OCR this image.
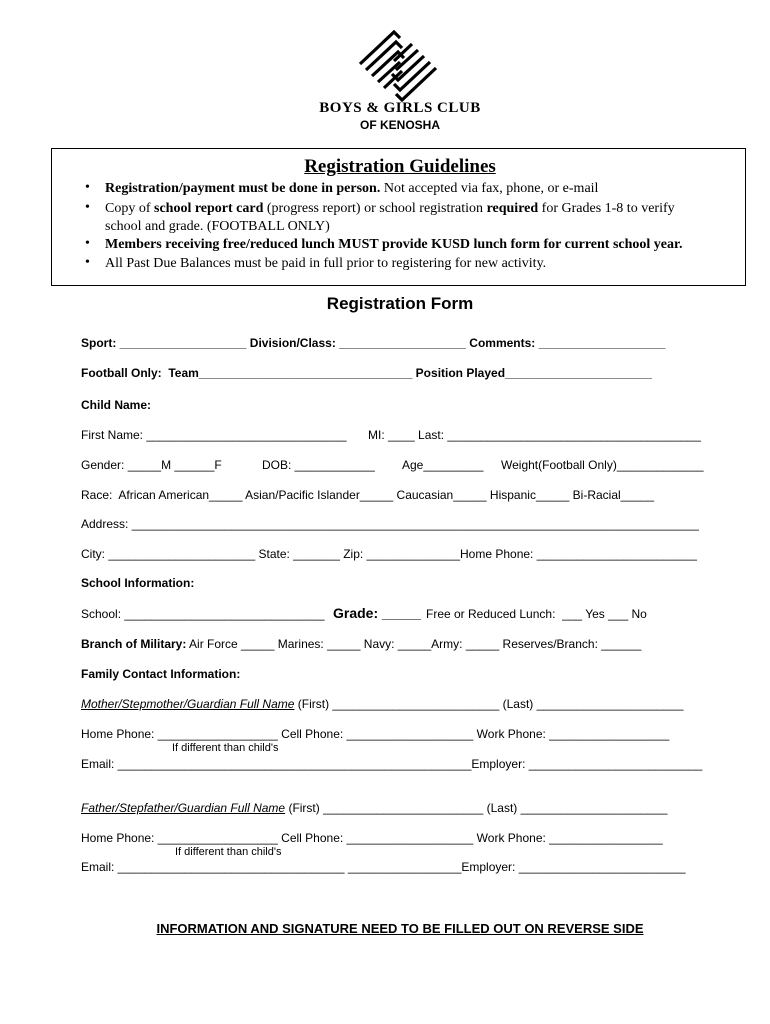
BOYS & GIRLS CLUB
OF KENOSHA
Registration Guidelines
• Registration/payment must be done in person. Not accepted via fax, phone, or e-mail
• Copy of school report card (progress report) or school registration required for Grades 1-8 to verify
school and grade. (FOOTBALL ONLY)
• Members receiving free/reduced lunch MUST provide KUSD lunch form for current school year.
• All Past Due Balances must be paid in full prior to registering for new activity.
Registration Form
Sport: ___________________ Division/Class: ___________________ Comments: ___________________
Football Only:  Team________________________________ Position Played______________________
Child Name:
First Name: ______________________________ MI: ____ Last: ______________________________________
Gender: _____M ______F	DOB: ____________ Age_________ Weight(Football Only)_____________
Race:  African American_____ Asian/Pacific Islander_____ Caucasian_____ Hispanic_____ Bi-Racial_____
Address: _____________________________________________________________________________________
City: ______________________ State: _______ Zip: ______________Home Phone: ________________________
School Information:
School: ______________________________ Grade: _____ Free or Reduced Lunch:  ___ Yes ___ No
Branch of Military: Air Force _____ Marines: _____ Navy: _____Army: _____ Reserves/Branch: ______
Family Contact Information:
Mother/Stepmother/Guardian Full Name (First) _________________________ (Last) ______________________
Home Phone: __________________ Cell Phone: ___________________ Work Phone: __________________
If different than child's
Email: _____________________________________________________Employer: __________________________
Father/Stepfather/Guardian Full Name (First) ________________________ (Last) ______________________
Home Phone: __________________ Cell Phone: ___________________ Work Phone: _________________
If different than child's
Email: __________________________________ _________________Employer: _________________________
INFORMATION AND SIGNATURE NEED TO BE FILLED OUT ON REVERSE SIDE
